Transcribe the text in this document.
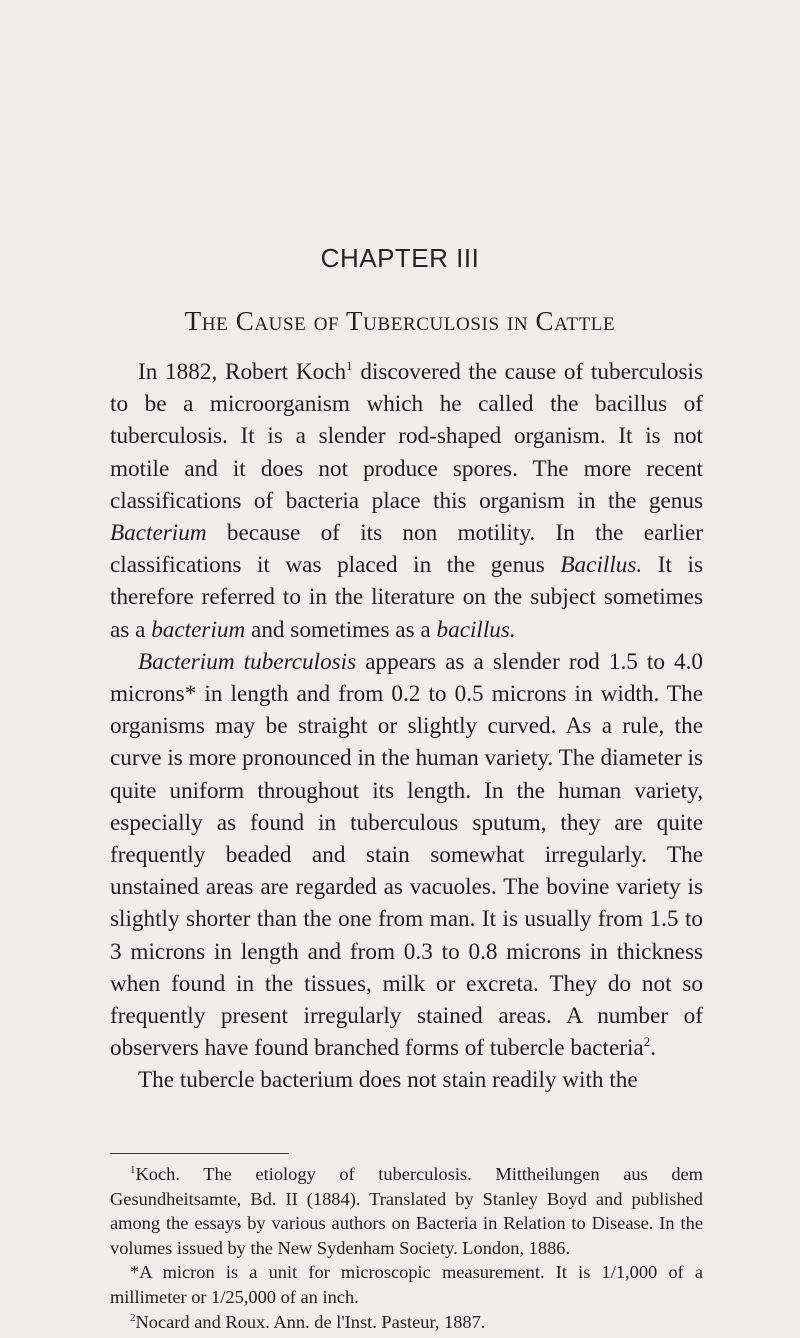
CHAPTER III
The Cause of Tuberculosis in Cattle

In 1882, Robert Koch$^1$ discovered the cause of tuberculosis to be a microorganism which he called the bacillus of tuberculosis. It is a slender rod-shaped organism. It is not motile and it does not produce spores. The more recent classifications of bacteria place this organism in the genus Bacterium because of its non motility. In the earlier classifications it was placed in the genus Bacillus. It is therefore referred to in the literature on the subject sometimes as a bacterium and sometimes as a bacillus.

Bacterium tuberculosis appears as a slender rod 1.5 to 4.0 microns* in length and from 0.2 to 0.5 microns in width. The organisms may be straight or slightly curved. As a rule, the curve is more pronounced in the human variety. The diameter is quite uniform throughout its length. In the human variety, especially as found in tuberculous sputum, they are quite frequently beaded and stain somewhat irregularly. The unstained areas are regarded as vacuoles. The bovine variety is slightly shorter than the one from man. It is usually from 1.5 to 3 microns in length and from 0.3 to 0.8 microns in thickness when found in the tissues, milk or excreta. They do not so frequently present irregularly stained areas. A number of observers have found branched forms of tubercle bacteria$^2$.

The tubercle bacterium does not stain readily with the

$^1$Koch. The etiology of tuberculosis. Mittheilungen aus dem Gesundheitsamte, Bd. II (1884). Translated by Stanley Boyd and published among the essays by various authors on Bacteria in Relation to Disease. In the volumes issued by the New Sydenham Society. London, 1886.

*A micron is a unit for microscopic measurement. It is 1/1,000 of a millimeter or 1/25,000 of an inch.

$^2$Nocard and Roux. Ann. de l'Inst. Pasteur, 1887.
